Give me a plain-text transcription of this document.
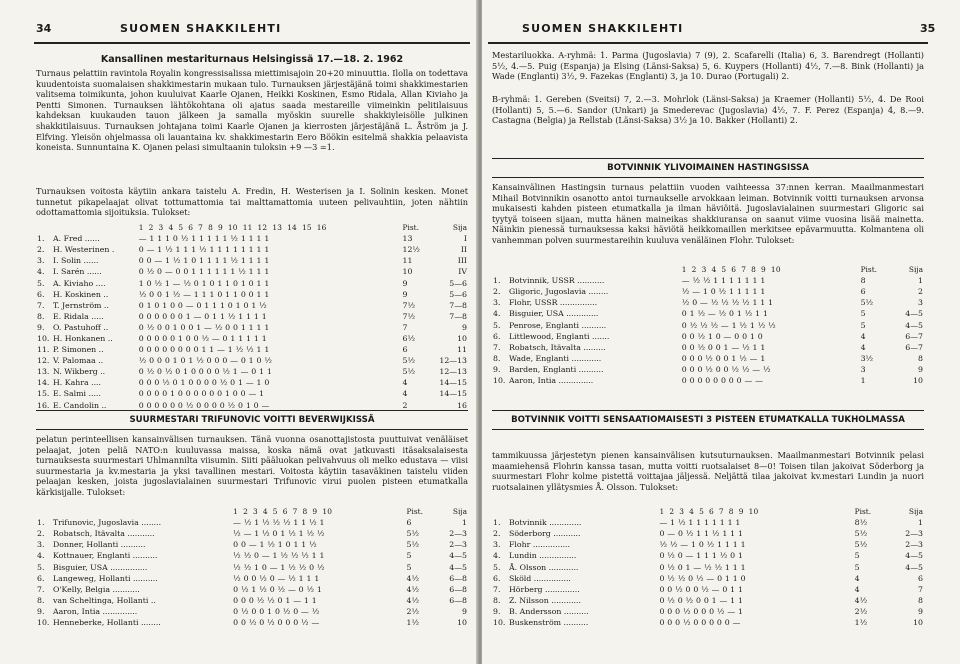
34	SUOMEN SHAKKILEHTI
Kansallinen mestariturnaus Helsingissä 17.—18. 2. 1962

Turnaus pelattiin ravintola Royalin kongressisalissa miettimisajoin 20+20 minuuttia. Ilolla on todettava kuudentoista suomalaisen shakkimestarin mukaan tulo. Turnauksen järjestäjänä toimi shakkimestarien valitsema toimikunta, johon kuuluivat Kaarle Ojanen, Heikki Koskinen, Esmo Ridala, Allan Kiviaho ja Pentti Simonen. Turnauksen lähtökohtana oli ajatus saada mestareille viimeinkin pelitilaisuus kahdeksan kuukauden tauon jälkeen ja samalla myöskin suurelle shakkiyleisölle julkinen shakkitilaisuus. Turnauksen johtajana toimi Kaarle Ojanen ja kierrosten järjestäjänä L. Åström ja J. Elfving. Yleisön ohjelmassa oli lauantaina kv. shakkimestarin Eero Böökin esitelmä shakkia pelaavista koneista. Sunnuntaina K. Ojanen pelasi simultaanin tuloksin +9 —3 =1.

Turnauksen voitosta käytiin ankara taistelu A. Fredin, H. Westerisen ja I. Solinin kesken. Monet tunnetut pikapelaajat olivat tottumattomia tai malttamattomia uuteen pelivauhtiin, joten nähtiin odottamattomia sijoituksia. Tulokset:

		1 2 3 4 5 6 7 8 9 10 11 12 13 14 15 16	Pist.	Sija
1.	A. Fred ......	— 1 1 1 0 ½ 1 1 1 1 1 ½ 1 1 1 1	13	I
2.	H. Westerinen .	0 — 1 ½ 1 1 1 ½ 1 1 1 1 1 1 1 1	12½	II
3.	I. Solin ......	0 0 — 1 ½ 1 0 1 1 1 1 ½ 1 1 1 1	11	III
4.	I. Sarén ......	0 ½ 0 — 0 0 1 1 1 1 1 1 ½ 1 1 1	10	IV
5.	A. Kiviaho ....	1 0 ½ 1 — ½ 0 1 0 1 1 0 1 0 1 1	9	5—6
6.	H. Koskinen ..	½ 0 0 1 ½ — 1 1 1 0 1 1 0 0 1 1	9	5—6
7.	T. Jernström ..	0 1 0 1 0 0 — 0 1 1 1 0 1 0 1 ½	7½	7—8
8.	E. Ridala .....	0 0 0 0 0 0 1 — 0 1 1 ½ 1 1 1 1	7½	7—8
9.	O. Pastuhoff ..	0 ½ 0 0 1 0 0 1 — ½ 0 0 1 1 1 1	7	9
10.	H. Honkanen ..	0 0 0 0 0 1 0 0 ½ — 0 1 1 1 1 1	6½	10
11.	P. Simonen ..	0 0 0 0 0 0 0 0 1 1 — 1 ½ ½ 1 1	6	11
12.	V. Palomaa ..	½ 0 0 0 1 0 1 ½ 0 0 0 — 0 1 0 ½	5½	12—13
13.	N. Wikberg ..	0 ½ 0 ½ 0 1 0 0 0 0 ½ 1 — 0 1 1	5½	12—13
14.	H. Kahra ....	0 0 0 ½ 0 1 0 0 0 0 ½ 0 1 — 1 0	4	14—15
15.	E. Salmi .....	0 0 0 0 1 0 0 0 0 0 0 1 0 0 — 1	4	14—15
16.	E. Candolin ..	0 0 0 0 0 0 ½ 0 0 0 0 ½ 0 1 0 —	2	16
SUURMESTARI TRIFUNOVIC VOITTI BEVERWIJKISSÄ

pelatun perinteellisen kansainvälisen turnauksen. Tänä vuonna osanottajistosta puuttuivat venäläiset pelaajat, joten peliä NATO:n kuuluvassa maissa, koska nämä ovat jatkuvasti itäsaksalaisesta turnauksesta suurmestari Uhlmannilta viisumin. Siiti pääluokan pelivahvuus oli melko edustava — viisi suurmestaria ja kv.mestaria ja yksi tavallinen mestari. Voitosta käytiin tasaväkinen taistelu viiden pelaajan kesken, joista jugoslavialainen suurmestari Trifunovic virui puolen pisteen etumatkalla kärkisijalle. Tulokset:

		1 2 3 4 5 6 7 8 9 10	Pist.	Sija
1.	Trifunovic, Jugoslavia ........	— ½ 1 ½ ½ ½ 1 1 ½ 1	6	1
2.	Robatsch, Itävalta ...........	½ — 1 ½ 0 1 ½ 1 ½ ½	5½	2—3
3.	Donner, Hollanti ..........	0 0 — 1 ½ 1 0 1 1 ½	5½	2—3
4.	Kottnauer, Englanti ..........	½ ½ 0 — 1 ½ ½ ½ 1 1	5	4—5
5.	Bisguier, USA ...............	½ ½ 1 0 — 1 ½ ½ 0 ½	5	4—5
6.	Langeweg, Hollanti ..........	½ 0 0 ½ 0 — ½ 1 1 1	4½	6—8
7.	O'Kelly, Belgia ...........	0 ½ 1 ½ 0 ½ — 0 ½ 1	4½	6—8
8.	van Scheltinga, Hollanti ..	0 0 0 ½ ½ 0 1 — 1 1	4½	6—8
9.	Aaron, Intia ..............	0 ½ 0 0 1 0 ½ 0 — ½	2½	9
10.	Henneberke, Hollanti ........	0 0 ½ 0 ½ 0 0 0 ½ —	1½	10
SUOMEN SHAKKILEHTI	35

Mestariluokka. A-ryhmä: 1. Parma (Jugoslavia) 7 (9), 2. Scafarelli (Italia) 6, 3. Barendregt (Hollanti) 5½, 4.—5. Puig (Espanja) ja Elsing (Länsi-Saksa) 5, 6. Kuypers (Hollanti) 4½, 7.—8. Bink (Hollanti) ja Wade (Englanti) 3½, 9. Fazekas (Englanti) 3, ja 10. Durao (Portugali) 2.

B-ryhmä: 1. Gereben (Sveitsi) 7, 2.—3. Mohrlok (Länsi-Saksa) ja Kraemer (Hollanti) 5½, 4. De Rooi (Hollanti) 5, 5.—6. Sandor (Unkari) ja Smederevac (Jugoslavia) 4½, 7. F. Perez (Espanja) 4, 8.—9. Castagna (Belgia) ja Rellstab (Länsi-Saksa) 3½ ja 10. Bakker (Hollanti) 2.

BOTVINNIK YLIVOIMAINEN HASTINGSISSA

Kansainvälinen Hastingsin turnaus pelattiin vuoden vaihteessa 37:nnen kerran. Maailmanmestari Mihail Botvinnikin osanotto antoi turnaukselle arvokkaan leiman. Botvinnik voitti turnauksen arvonsa mukaisesti kahden pisteen etumatkalla ja ilman häviöitä. Jugoslavialainen suurmestari Gligoric sai tyytyä toiseen sijaan, mutta hänen maineikas shakkiuransa on saanut viime vuosina lisää mainetta. Näinkin pienessä turnauksessa kaksi häviötä heikkomaillen merkitsee epävarmuutta. Kolmantena oli vanhemman polven suurmestareihin kuuluva venäläinen Flohr. Tulokset:

		1 2 3 4 5 6 7 8 9 10	Pist.	Sija
1.	Botvinnik, USSR ...........	— ½ ½ 1 1 1 1 1 1 1	8	1
2.	Gligoric, Jugoslavia ........	½ — 1 0 ½ 1 1 1 1 1	6	2
3.	Flohr, USSR ...............	½ 0 — ½ ½ ½ ½ 1 1 1	5½	3
4.	Bisguier, USA .............	0 1 ½ — ½ 0 1 ½ 1 1	5	4—5
5.	Penrose, Englanti ..........	0 ½ ½ ½ — 1 ½ 1 ½ ½	5	4—5
6.	Littlewood, Englanti .......	0 0 ½ 1 0 — 0 0 1 0	4	6—7
7.	Robatsch, Itävalta .........	0 0 ½ 0 0 1 — ½ 1 1	4	6—7
8.	Wade, Englanti ............	0 0 0 ½ 0 0 1 ½ — 1	3½	8
9.	Barden, Englanti ..........	0 0 0 ½ 0 0 ½ ½ — ½	3	9
10.	Aaron, Intia ..............	0 0 0 0 0 0 0 0 — —	1	10
BOTVINNIK VOITTI SENSAATIOMAISESTI 3 PISTEEN ETUMATKALLA TUKHOLMASSA

tammikuussa järjestetyn pienen kansainvälisen kutsuturnauksen. Maailmanmestari Botvinnik pelasi maamiehensä Flohrin kanssa tasan, mutta voitti ruotsalaiset 8—0! Toisen tilan jakoivat Söderborg ja suurmestari Flohr kolme pistettä voittajaa jäljessä. Neljättä tilaa jakoivat kv.mestari Lundin ja nuori ruotsalainen yllätysmies Å. Olsson. Tulokset:

		1 2 3 4 5 6 7 8 9 10	Pist.	Sija
1.	Botvinnik .............	— 1 ½ 1 1 1 1 1 1 1	8½	1
2.	Söderborg ...........	0 — 0 ½ 1 1 ½ 1 1 1	5½	2—3
3.	Flohr ...............	½ ½ — 1 0 ½ 1 1 1 1	5½	2—3
4.	Lundin ...............	0 ½ 0 — 1 1 1 ½ 0 1	5	4—5
5.	Å. Olsson ............	0 ½ 0 1 — ½ ½ 1 1 1	5	4—5
6.	Sköld ...............	0 ½ ½ 0 ½ — 0 1 1 0	4	6
7.	Hörberg ..............	0 0 ½ 0 0 ½ — 0 1 1	4	7
8.	Z. Nilsson ............	0 ½ 0 ½ 0 0 1 — 1 1	4½	8
9.	B. Andersson ..........	0 0 0 ½ 0 0 0 ½ — 1	2½	9
10.	Buskenström ..........	0 0 0 ½ 0 0 0 0 0 —	1½	10
